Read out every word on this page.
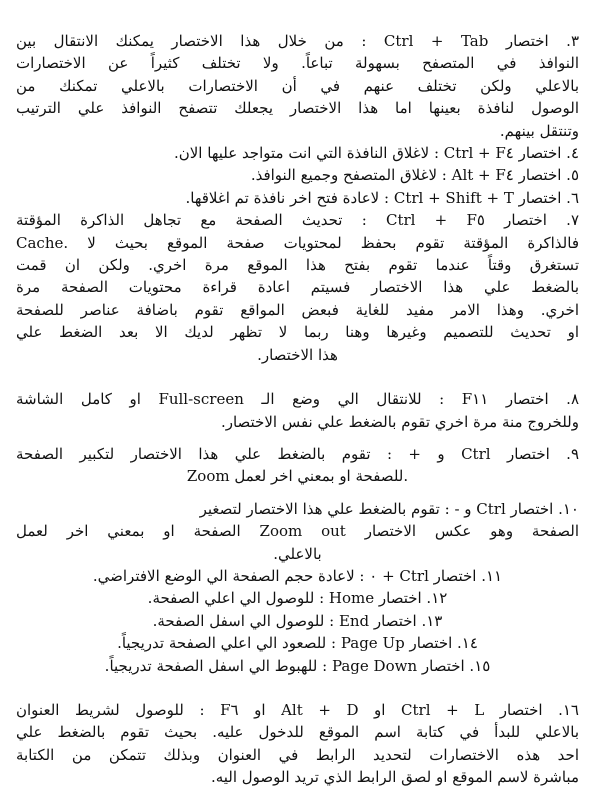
٣. اختصار Ctrl + Tab : من خلال هذا الاختصار يمكنك الانتقال بين
النوافذ في المتصفح بسهولة تباعاً. ولا تختلف كثيراً عن الاختصارات
بالاعلي ولكن تختلف عنهم في أن الاختصارات بالاعلي تمكنك من
الوصول لنافذة بعينها اما هذا الاختصار يجعلك تتصفح النوافذ علي الترتيب
وتنتقل بينهم.
٤. اختصار Ctrl + F٤ : لاغلاق النافذة التي انت متواجد عليها الان.
٥. اختصار Alt + F٤ : لاغلاق المتصفح وجميع النوافذ.
٦. اختصار Ctrl + Shift + T : لاعادة فتح اخر نافذة تم اغلاقها.
٧. اختصار Ctrl + F٥ : تحديث الصفحة مع تجاهل الذاكرة المؤقتة
Cache. فالذاكرة المؤقتة تقوم بحفظ لمحتويات صفحة الموقع بحيث لا
تستغرق وقتاً عندما تقوم بفتح هذا الموقع مرة اخري. ولكن ان قمت
بالضغط علي هذا الاختصار فسيتم اعادة قراءة محتويات الصفحة مرة
اخري. وهذا الامر مفيد للغاية فبعض المواقع تقوم باضافة عناصر للصفحة
او تحديث للتصميم وغيرها وهنا ربما لا تظهر لديك الا بعد الضغط علي
هذا الاختصار.
٨. اختصار F١١ : للانتقال الي وضع الـ Full-screen او كامل الشاشة
وللخروج منة مرة اخري تقوم بالضغط علي نفس الاختصار.
٩. اختصار Ctrl و + : تقوم بالضغط علي هذا الاختصار لتكبير الصفحة
Zoom للصفحة او بمعني اخر لعمل.
١٠. اختصار Ctrl و - : تقوم بالضغط علي هذا الاختصار لتصغير
الصفحة وهو عكس الاختصار Zoom out الصفحة او بمعني اخر لعمل
بالاعلي.
١١. اختصار Ctrl + ٠ : لاعادة حجم الصفحة الي الوضع الافتراضي.
١٢. اختصار Home : للوصول الي اعلي الصفحة.
١٣. اختصار End : للوصول الي اسفل الصفحة.
١٤. اختصار Page Up : للصعود الي اعلي الصفحة تدريجياً.
١٥. اختصار Page Down : للهبوط الي اسفل الصفحة تدريجياً.
١٦. اختصار Ctrl + L او Alt + D او F٦ : للوصول لشريط العنوان
بالاعلي للبدأ في كتابة اسم الموقع للدخول عليه. بحيث تقوم بالضغط علي
احد هذه الاختصارات لتحديد الرابط في العنوان وبذلك تتمكن من الكتابة
مباشرة لاسم الموقع او لصق الرابط الذي تريد الوصول اليه.
